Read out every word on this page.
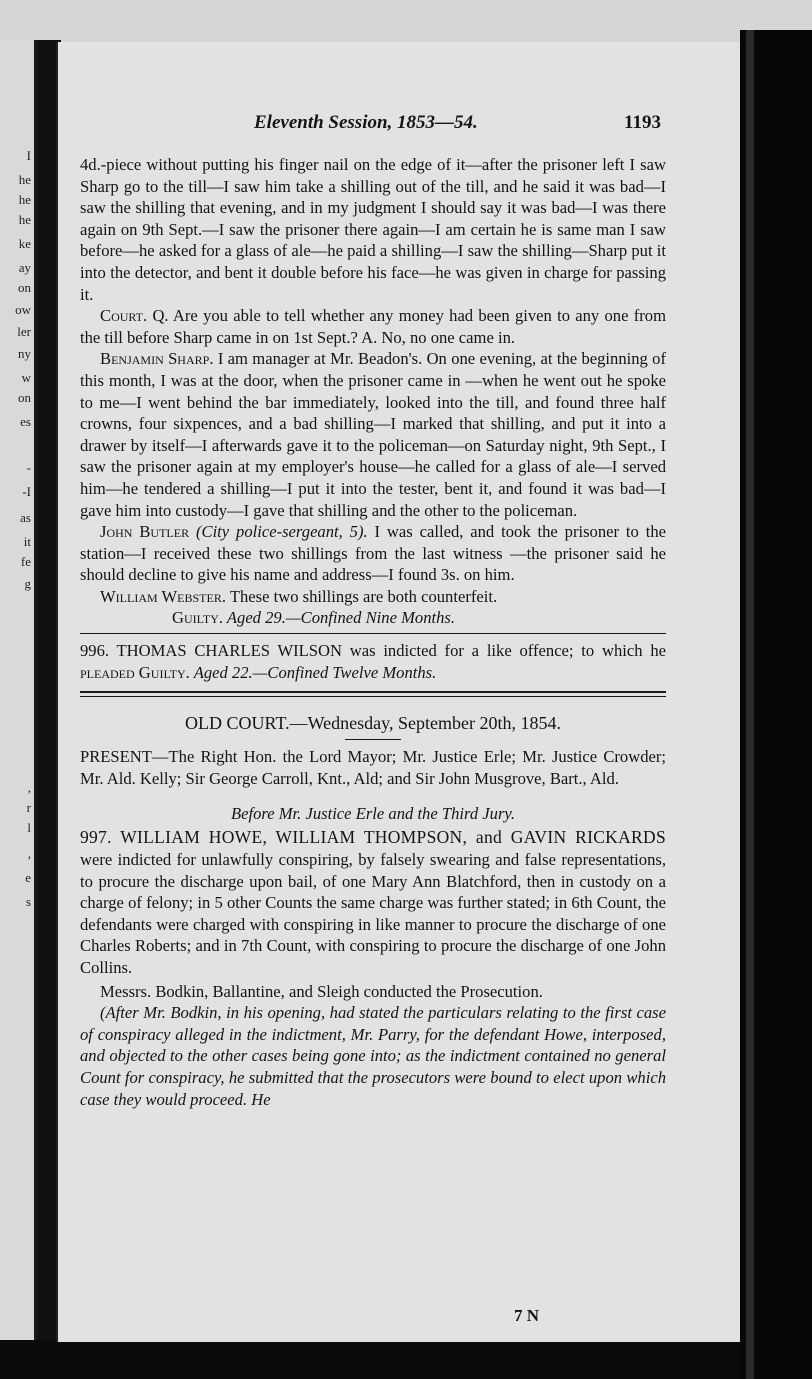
I
he
he
he
ke
ay
on
ow
ler
ny
w
on
es
-
-I
as
it
fe
g
,
r
l
,
e
s
Eleventh Session, 1853—54.	1193

4d.-piece without putting his finger nail on the edge of it—after the prisoner left I saw Sharp go to the till—I saw him take a shilling out of the till, and he said it was bad—I saw the shilling that evening, and in my judgment I should say it was bad—I was there again on 9th Sept.—I saw the prisoner there again—I am certain he is same man I saw before—he asked for a glass of ale—he paid a shilling—I saw the shilling—Sharp put it into the detector, and bent it double before his face—he was given in charge for passing it.

Court. Q. Are you able to tell whether any money had been given to any one from the till before Sharp came in on 1st Sept.? A. No, no one came in.

Benjamin Sharp. I am manager at Mr. Beadon's. On one evening, at the beginning of this month, I was at the door, when the prisoner came in —when he went out he spoke to me—I went behind the bar immediately, looked into the till, and found three half crowns, four sixpences, and a bad shilling—I marked that shilling, and put it into a drawer by itself—I afterwards gave it to the policeman—on Saturday night, 9th Sept., I saw the prisoner again at my employer's house—he called for a glass of ale—I served him—he tendered a shilling—I put it into the tester, bent it, and found it was bad—I gave him into custody—I gave that shilling and the other to the policeman.

John Butler (City police-sergeant, 5). I was called, and took the prisoner to the station—I received these two shillings from the last witness —the prisoner said he should decline to give his name and address—I found 3s. on him.

William Webster. These two shillings are both counterfeit.

Guilty. Aged 29.—Confined Nine Months.

996. THOMAS CHARLES WILSON was indicted for a like offence; to which he pleaded Guilty. Aged 22.—Confined Twelve Months.

OLD COURT.—Wednesday, September 20th, 1854.

PRESENT—The Right Hon. the Lord Mayor; Mr. Justice Erle; Mr. Justice Crowder; Mr. Ald. Kelly; Sir George Carroll, Knt., Ald; and Sir John Musgrove, Bart., Ald.

Before Mr. Justice Erle and the Third Jury.

997. WILLIAM HOWE, WILLIAM THOMPSON, and GAVIN RICKARDS were indicted for unlawfully conspiring, by falsely swearing and false representations, to procure the discharge upon bail, of one Mary Ann Blatchford, then in custody on a charge of felony; in 5 other Counts the same charge was further stated; in 6th Count, the defendants were charged with conspiring in like manner to procure the discharge of one Charles Roberts; and in 7th Count, with conspiring to procure the discharge of one John Collins.

Messrs. Bodkin, Ballantine, and Sleigh conducted the Prosecution.

(After Mr. Bodkin, in his opening, had stated the particulars relating to the first case of conspiracy alleged in the indictment, Mr. Parry, for the defendant Howe, interposed, and objected to the other cases being gone into; as the indictment contained no general Count for conspiracy, he submitted that the prosecutors were bound to elect upon which case they would proceed. He

7 N
